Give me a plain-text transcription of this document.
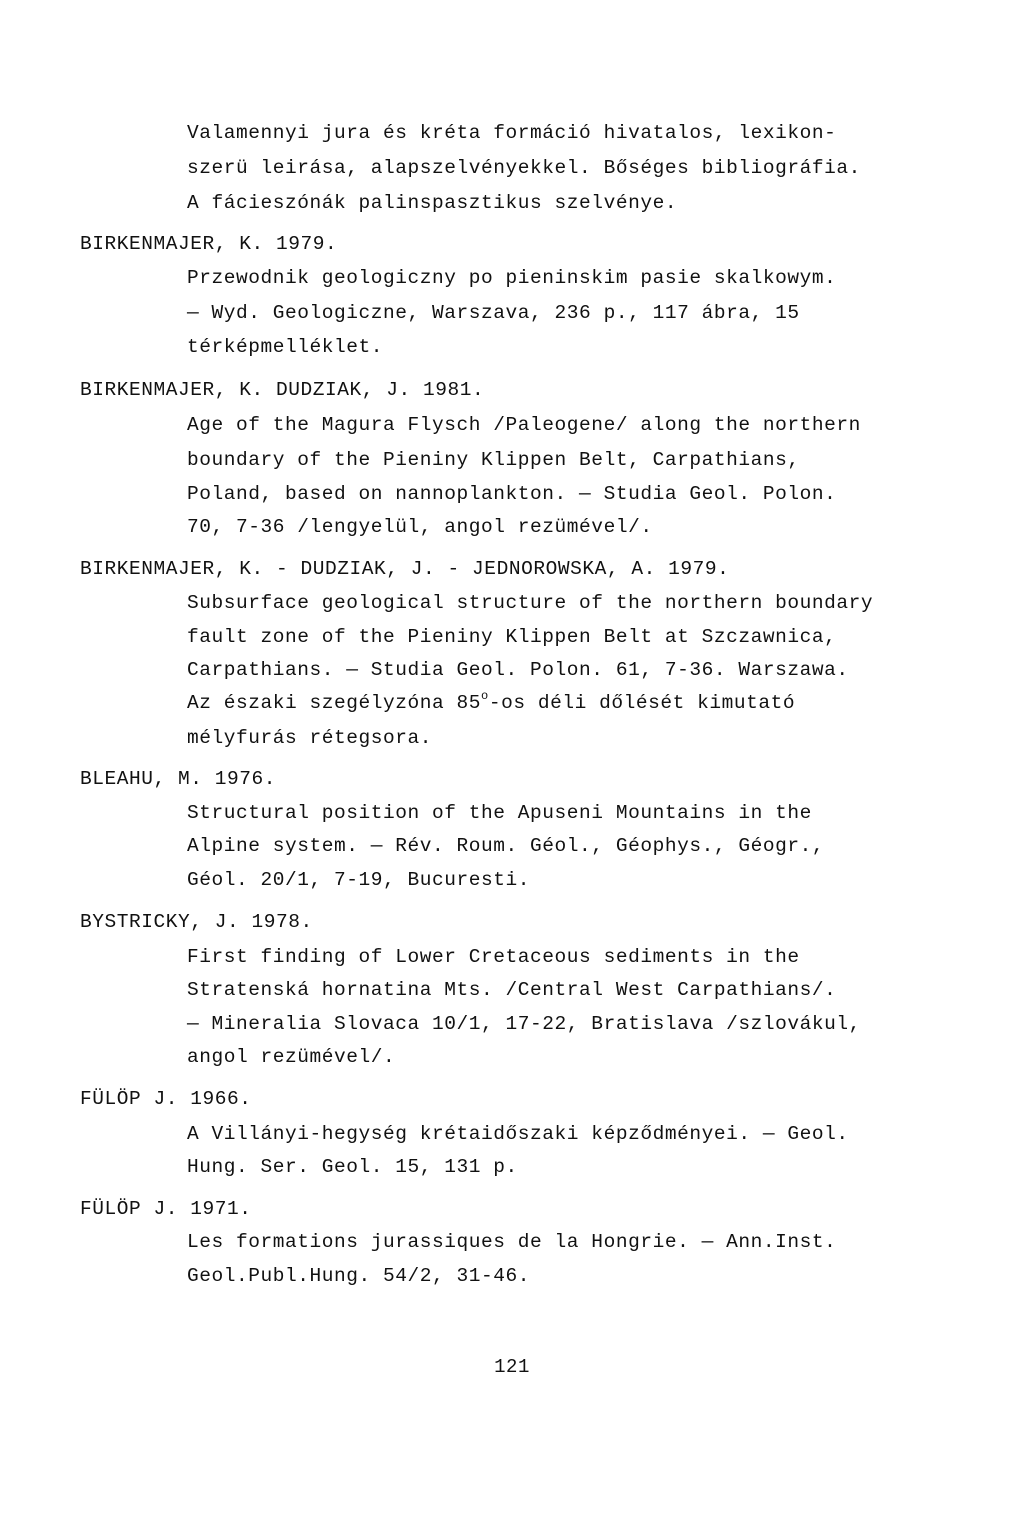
Valamennyi jura és kréta formáció hivatalos, lexikon-
szerü leirása, alapszelvényekkel. Bőséges bibliográfia.
A fácieszónák palinspasztikus szelvénye.
BIRKENMAJER, K. 1979.
Przewodnik geologiczny po pieninskim pasie skalkowym.
— Wyd. Geologiczne, Warszava, 236 p., 117 ábra, 15
térképmelléklet.
BIRKENMAJER, K. DUDZIAK, J. 1981.
Age of the Magura Flysch /Paleogene/ along the northern
boundary of the Pieniny Klippen Belt, Carpathians,
Poland, based on nannoplankton. — Studia Geol. Polon.
70, 7-36 /lengyelül, angol rezümével/.
BIRKENMAJER, K. - DUDZIAK, J. - JEDNOROWSKA, A. 1979.
Subsurface geological structure of the northern boundary
fault zone of the Pieniny Klippen Belt at Szczawnica,
Carpathians. — Studia Geol. Polon. 61, 7-36. Warszawa.
Az északi szegélyzóna 85$^o$-os déli dőlését kimutató
mélyfurás rétegsora.
BLEAHU, M. 1976.
Structural position of the Apuseni Mountains in the
Alpine system. — Rév. Roum. Géol., Géophys., Géogr.,
Géol. 20/1, 7-19, Bucuresti.
BYSTRICKY, J. 1978.
First finding of Lower Cretaceous sediments in the
Stratenská hornatina Mts. /Central West Carpathians/.
— Mineralia Slovaca 10/1, 17-22, Bratislava /szlovákul,
angol rezümével/.
FÜLÖP J. 1966.
A Villányi-hegység krétaidőszaki képződményei. — Geol.
Hung. Ser. Geol. 15, 131 p.
FÜLÖP J. 1971.
Les formations jurassiques de la Hongrie. — Ann.Inst.
Geol.Publ.Hung. 54/2, 31-46.
121
